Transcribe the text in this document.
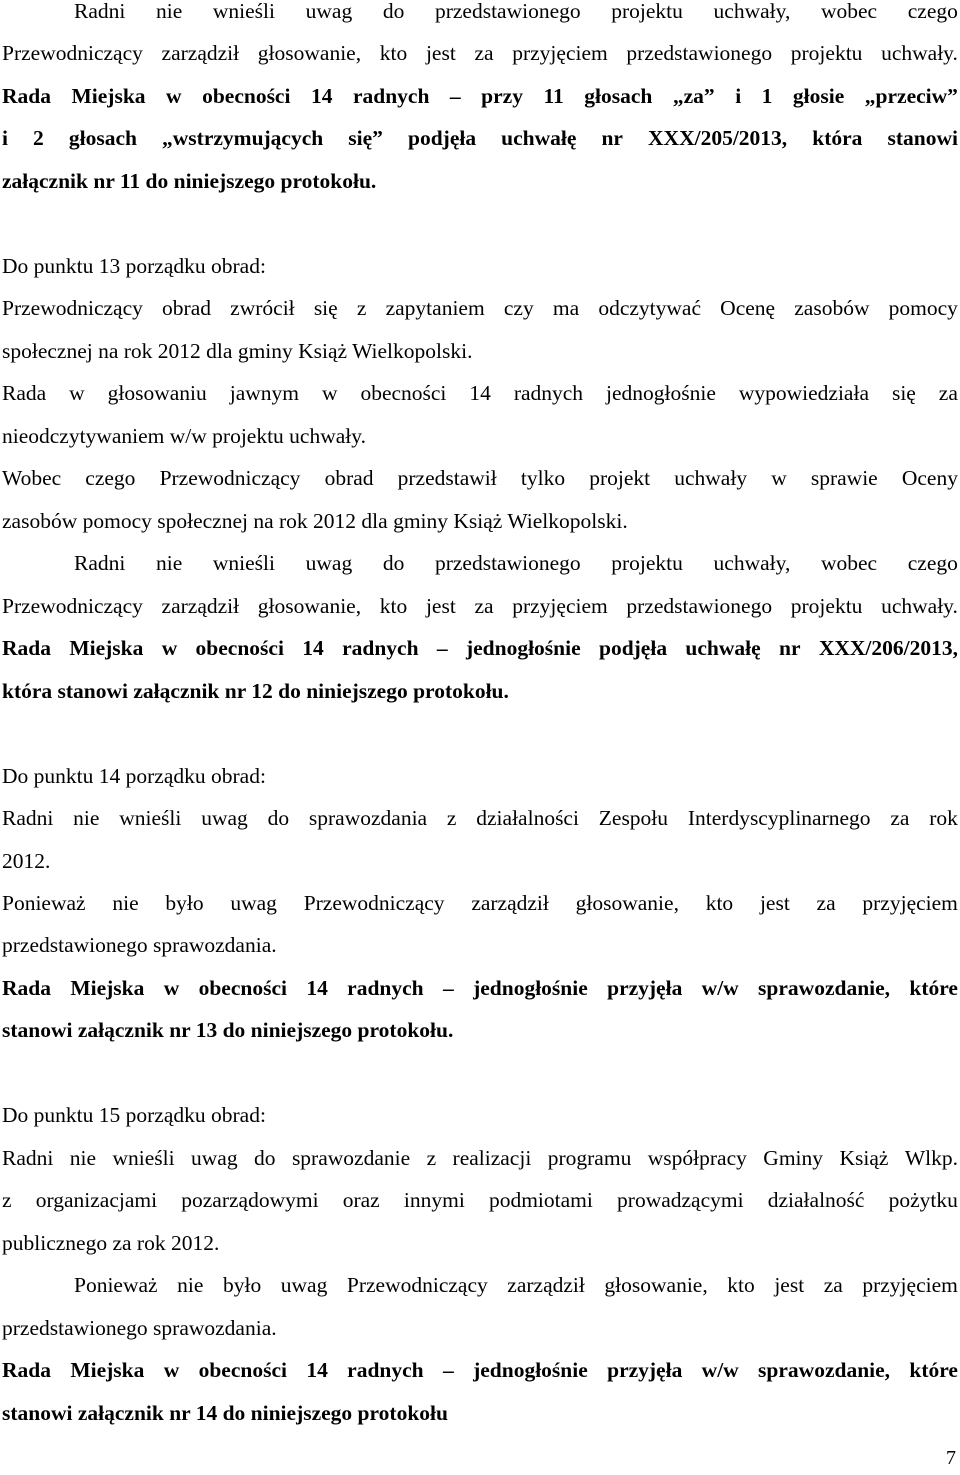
Radni nie wnieśli uwag do przedstawionego projektu uchwały, wobec czego
Przewodniczący zarządził głosowanie, kto jest za przyjęciem przedstawionego projektu uchwały.
Rada Miejska w obecności 14 radnych – przy 11 głosach „za” i 1 głosie „przeciw”
i 2 głosach „wstrzymujących się” podjęła uchwałę nr XXX/205/2013, która stanowi
załącznik nr 11 do niniejszego protokołu.
Do punktu 13 porządku obrad:
Przewodniczący obrad zwrócił się z zapytaniem czy ma odczytywać Ocenę zasobów pomocy
społecznej na rok 2012 dla gminy Książ Wielkopolski.
Rada w głosowaniu jawnym w obecności 14 radnych jednogłośnie wypowiedziała się za
nieodczytywaniem w/w projektu uchwały.
Wobec czego Przewodniczący obrad przedstawił tylko projekt uchwały w sprawie Oceny
zasobów pomocy społecznej na rok 2012 dla gminy Książ Wielkopolski.
Radni nie wnieśli uwag do przedstawionego projektu uchwały, wobec czego
Przewodniczący zarządził głosowanie, kto jest za przyjęciem przedstawionego projektu uchwały.
Rada Miejska w obecności 14 radnych – jednogłośnie podjęła uchwałę nr XXX/206/2013,
która stanowi załącznik nr 12 do niniejszego protokołu.
Do punktu 14 porządku obrad:
Radni nie wnieśli uwag do sprawozdania z działalności Zespołu Interdyscyplinarnego za rok
2012.
Ponieważ nie było uwag Przewodniczący zarządził głosowanie, kto jest za przyjęciem
przedstawionego sprawozdania.
Rada Miejska w obecności 14 radnych – jednogłośnie przyjęła w/w sprawozdanie, które
stanowi załącznik nr 13 do niniejszego protokołu.
Do punktu 15 porządku obrad:
Radni nie wnieśli uwag do sprawozdanie z realizacji programu współpracy Gminy Książ Wlkp.
z organizacjami pozarządowymi oraz innymi podmiotami prowadzącymi działalność pożytku
publicznego za rok 2012.
Ponieważ nie było uwag Przewodniczący zarządził głosowanie, kto jest za przyjęciem
przedstawionego sprawozdania.
Rada Miejska w obecności 14 radnych – jednogłośnie przyjęła w/w sprawozdanie, które
stanowi załącznik nr 14 do niniejszego protokołu
7
